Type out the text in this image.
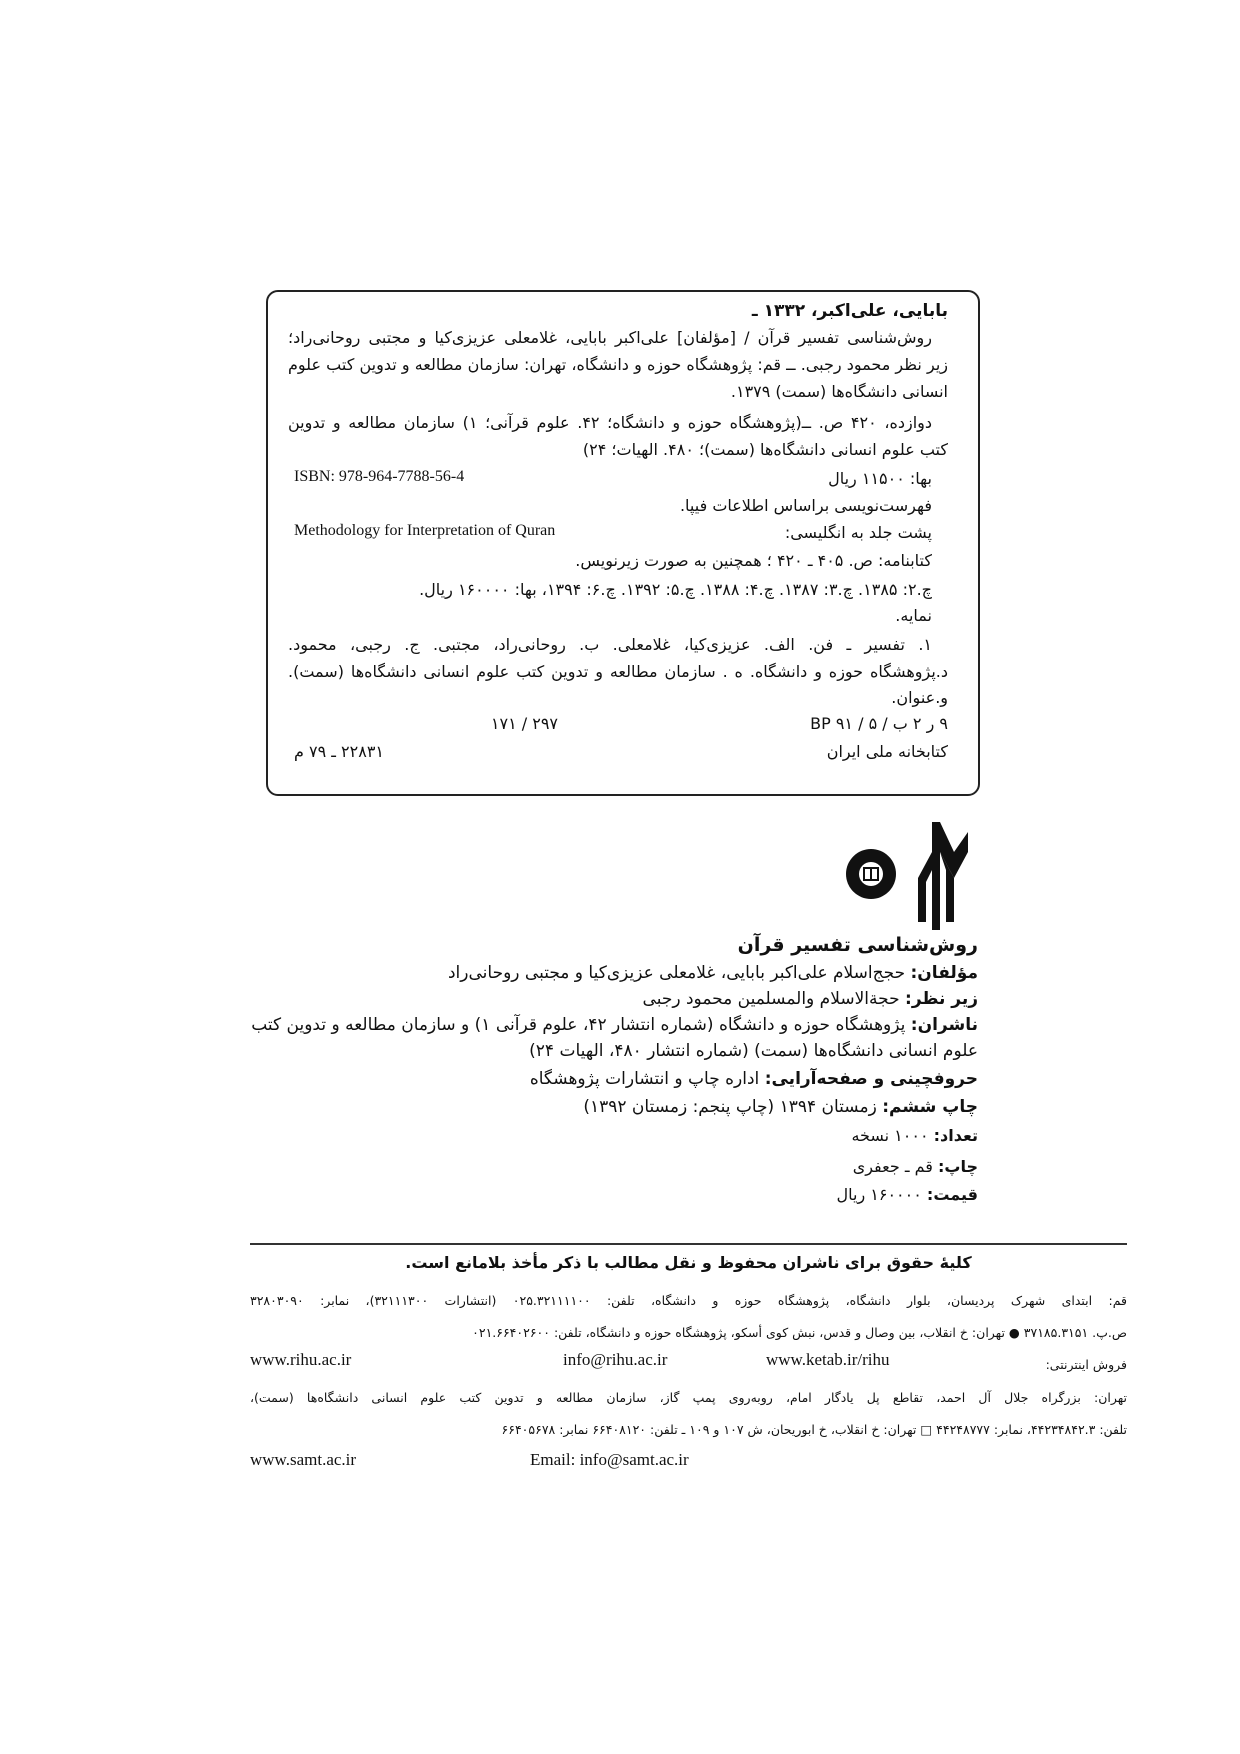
بابایی، علی‌اکبر، ۱۳۳۲ ـ
روش‌شناسی تفسیر قرآن / [مؤلفان] علی‌اکبر بابایی، غلامعلی عزیزی‌کیا و مجتبی روحانی‌راد؛
زیر نظر محمود رجبی. ــ قم: پژوهشگاه حوزه و دانشگاه، تهران: سازمان مطالعه و تدوین کتب علوم
انسانی دانشگاه‌ها (سمت) ۱۳۷۹.
دوازده، ۴۲۰ ص. ــ(پژوهشگاه حوزه و دانشگاه؛ ۴۲. علوم قرآنی؛ ۱) سازمان مطالعه و تدوین
کتب علوم انسانی دانشگاه‌ها (سمت)؛ ۴۸۰. الهیات؛ ۲۴)
بها: ۱۱۵۰۰ ریال
ISBN: 978-964-7788-56-4
فهرست‌نویسی براساس اطلاعات فیپا.
پشت جلد به انگلیسی:
Methodology for Interpretation of Quran
کتابنامه: ص. ۴۰۵ ـ ۴۲۰ ؛ همچنین به صورت زیرنویس.
چ.۲: ۱۳۸۵. چ.۳: ۱۳۸۷. چ.۴: ۱۳۸۸. چ.۵: ۱۳۹۲. چ.۶: ۱۳۹۴، بها: ۱۶۰۰۰۰ ریال.
نمایه.
۱. تفسیر ـ فن. الف. عزیزی‌کیا، غلامعلی. ب. روحانی‌راد، مجتبی. ج. رجبی، محمود.
د.پژوهشگاه حوزه و دانشگاه. ه . سازمان مطالعه و تدوین کتب علوم انسانی دانشگاه‌ها (سمت).
و.عنوان.
۹ ر ۲ ب / ۵ / BP ۹۱
۲۹۷ / ۱۷۱
کتابخانه ملی ایران
۲۲۸۳۱ ـ ۷۹ م
روش‌شناسی تفسیر قرآن
مؤلفان: حجج‌اسلام علی‌اکبر بابایی، غلامعلی عزیزی‌کیا و مجتبی روحانی‌راد
زیر نظر: حجة‌الاسلام والمسلمین محمود رجبی
ناشران: پژوهشگاه حوزه و دانشگاه (شماره انتشار ۴۲، علوم قرآنی ۱) و سازمان مطالعه و تدوین کتب
علوم انسانی دانشگاه‌ها (سمت) (شماره انتشار ۴۸۰، الهیات ۲۴)
حروفچینی و صفحه‌آرایی: اداره چاپ و انتشارات پژوهشگاه
چاپ ششم: زمستان ۱۳۹۴ (چاپ پنجم: زمستان ۱۳۹۲)
تعداد: ۱۰۰۰ نسخه
چاپ: قم ـ جعفری
قیمت: ۱۶۰۰۰۰ ریال
کلیهٔ حقوق برای ناشران محفوظ و نقل مطالب با ذکر مأخذ بلامانع است.
قم: ابتدای شهرک پردیسان، بلوار دانشگاه، پژوهشگاه حوزه و دانشگاه، تلفن: ۰۲۵.۳۲۱۱۱۱۰۰ (انتشارات ۳۲۱۱۱۳۰۰)، نمابر: ۳۲۸۰۳۰۹۰
ص.پ. ۳۷۱۸۵.۳۱۵۱ ● تهران: خ انقلاب، بین وصال و قدس، نبش کوی أسکو، پژوهشگاه حوزه و دانشگاه، تلفن: ۰۲۱.۶۶۴۰۲۶۰۰
فروش اینترنتی:
www.ketab.ir/rihu
info@rihu.ac.ir
www.rihu.ac.ir
تهران: بزرگراه جلال آل احمد، تقاطع پل یادگار امام، روبه‌روی پمپ گاز، سازمان مطالعه و تدوین کتب علوم انسانی دانشگاه‌ها (سمت)،
تلفن: ۴۴۲۳۴۸۴۲.۳، نمابر: ۴۴۲۴۸۷۷۷ □ تهران: خ انقلاب، خ ابوریحان، ش ۱۰۷ و ۱۰۹ ـ تلفن: ۶۶۴۰۸۱۲۰ نمابر: ۶۶۴۰۵۶۷۸
www.samt.ac.ir	Email: info@samt.ac.ir
